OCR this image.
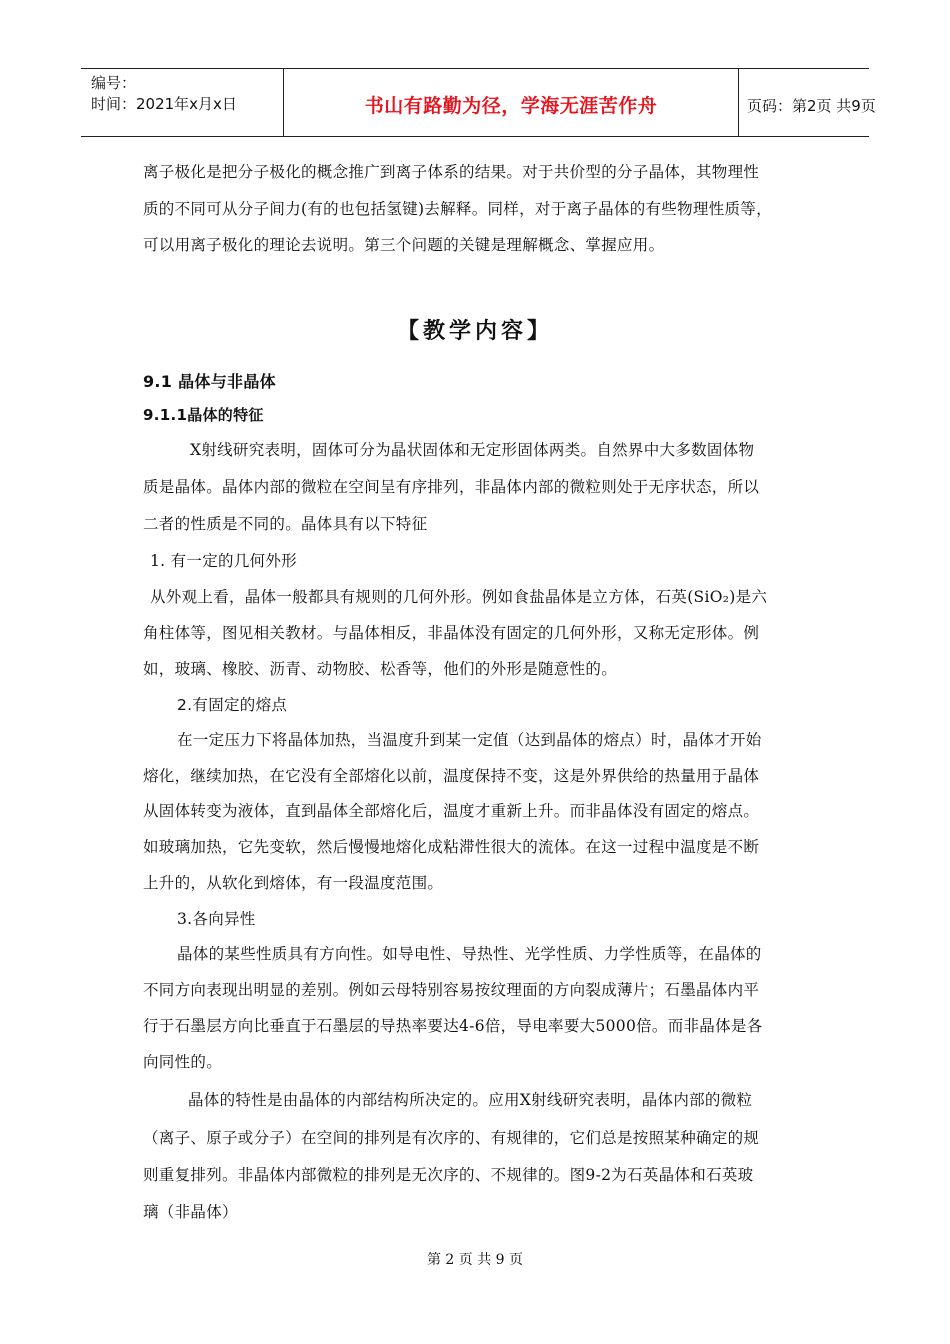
编号：
时间：2021年x月x日	书山有路勤为径，学海无涯苦作舟	页码：第2页 共9页
离子极化是把分子极化的概念推广到离子体系的结果。对于共价型的分子晶体，其物理性
质的不同可从分子间力(有的也包括氢键)去解释。同样，对于离子晶体的有些物理性质等，
可以用离子极化的理论去说明。第三个问题的关键是理解概念、掌握应用。
【教学内容】
9.1 晶体与非晶体
9.1.1晶体的特征
X射线研究表明，固体可分为晶状固体和无定形固体两类。自然界中大多数固体物
质是晶体。晶体内部的微粒在空间呈有序排列，非晶体内部的微粒则处于无序状态，所以
二者的性质是不同的。晶体具有以下特征
1. 有一定的几何外形
从外观上看，晶体一般都具有规则的几何外形。例如食盐晶体是立方体，石英(SiO₂)是六
角柱体等，图见相关教材。与晶体相反，非晶体没有固定的几何外形，又称无定形体。例
如，玻璃、橡胶、沥青、动物胶、松香等，他们的外形是随意性的。
2.有固定的熔点
在一定压力下将晶体加热，当温度升到某一定值（达到晶体的熔点）时，晶体才开始
熔化，继续加热，在它没有全部熔化以前，温度保持不变，这是外界供给的热量用于晶体
从固体转变为液体，直到晶体全部熔化后，温度才重新上升。而非晶体没有固定的熔点。
如玻璃加热，它先变软，然后慢慢地熔化成粘滞性很大的流体。在这一过程中温度是不断
上升的，从软化到熔体，有一段温度范围。
3.各向异性
晶体的某些性质具有方向性。如导电性、导热性、光学性质、力学性质等，在晶体的
不同方向表现出明显的差别。例如云母特别容易按纹理面的方向裂成薄片；石墨晶体内平
行于石墨层方向比垂直于石墨层的导热率要达4-6倍，导电率要大5000倍。而非晶体是各
向同性的。
晶体的特性是由晶体的内部结构所决定的。应用X射线研究表明，晶体内部的微粒
（离子、原子或分子）在空间的排列是有次序的、有规律的，它们总是按照某种确定的规
则重复排列。非晶体内部微粒的排列是无次序的、不规律的。图9-2为石英晶体和石英玻
璃（非晶体）
第 2 页 共 9 页
